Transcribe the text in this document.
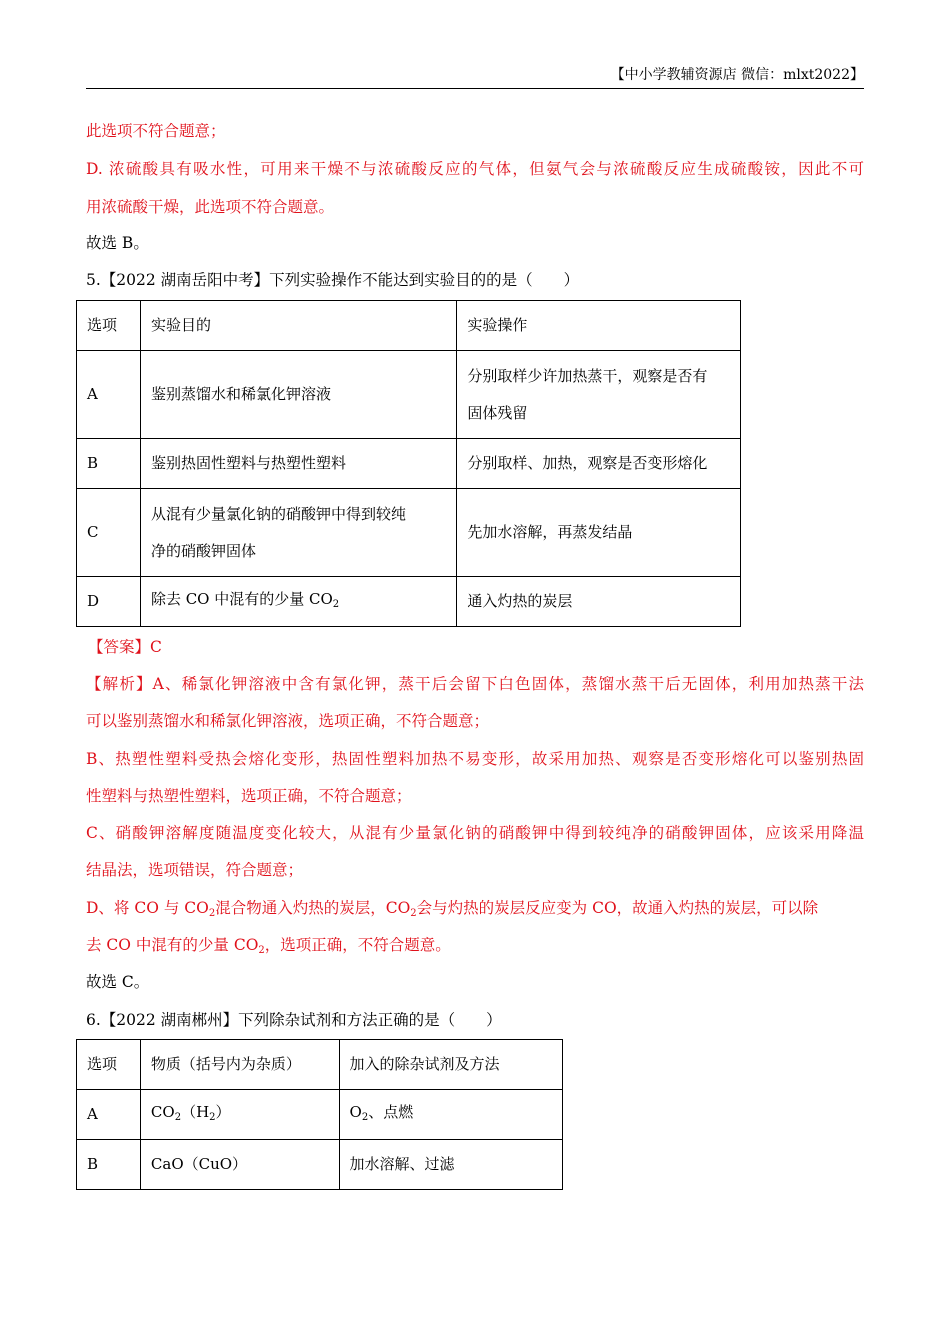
【中小学教辅资源店 微信：mlxt2022】
此选项不符合题意；
D. 浓硫酸具有吸水性，可用来干燥不与浓硫酸反应的气体，但氨气会与浓硫酸反应生成硫酸铵，因此不可
用浓硫酸干燥，此选项不符合题意。
故选 B。
5.【2022 湖南岳阳中考】下列实验操作不能达到实验目的的是（　　）
选项	实验目的	实验操作
A	鉴别蒸馏水和稀氯化钾溶液	分别取样少许加热蒸干，观察是否有
固体残留

B	鉴别热固性塑料与热塑性塑料	分别取样、加热，观察是否变形熔化
C	从混有少量氯化钠的硝酸钾中得到较纯
净的硝酸钾固体	先加水溶解，再蒸发结晶
D	除去 CO 中混有的少量 $CO_2$	通入灼热的炭层
【答案】C
【解析】A、稀氯化钾溶液中含有氯化钾，蒸干后会留下白色固体，蒸馏水蒸干后无固体，利用加热蒸干法
可以鉴别蒸馏水和稀氯化钾溶液，选项正确，不符合题意；
B、热塑性塑料受热会熔化变形，热固性塑料加热不易变形，故采用加热、观察是否变形熔化可以鉴别热固
性塑料与热塑性塑料，选项正确，不符合题意；
C、硝酸钾溶解度随温度变化较大，从混有少量氯化钠的硝酸钾中得到较纯净的硝酸钾固体，应该采用降温
结晶法，选项错误，符合题意；
D、将 CO 与 $CO_2$混合物通入灼热的炭层，$CO_2$会与灼热的炭层反应变为 CO，故通入灼热的炭层，可以除
去 CO 中混有的少量 $CO_2$，选项正确，不符合题意。
故选 C。
6.【2022 湖南郴州】下列除杂试剂和方法正确的是（　　）
选项	物质（括号内为杂质）	加入的除杂试剂及方法
A	$CO_2(H_2)$	$O_2$、点燃
B	CaO（CuO）	加水溶解、过滤
